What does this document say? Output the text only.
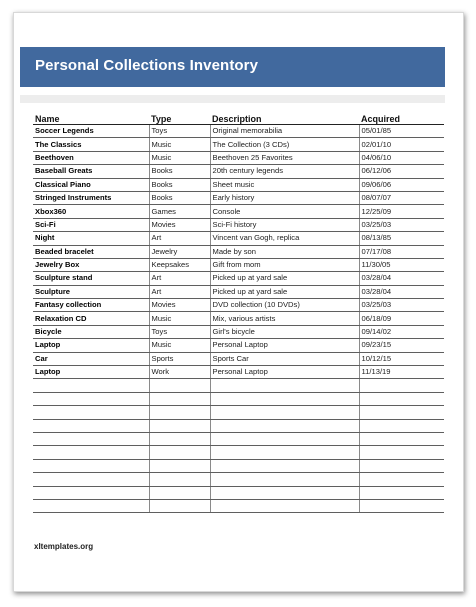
Personal Collections Inventory
Name	Type	Description	Acquired
Soccer Legends	Toys	Original memorabilia	05/01/85
The Classics	Music	The Collection (3 CDs)	02/01/10
Beethoven	Music	Beethoven 25 Favorites	04/06/10
Baseball Greats	Books	20th century legends	06/12/06
Classical Piano	Books	Sheet music	09/06/06
Stringed Instruments	Books	Early history	08/07/07
Xbox360	Games	Console	12/25/09
Sci-Fi	Movies	Sci-Fi history	03/25/03
Night	Art	Vincent van Gogh, replica	08/13/85
Beaded bracelet	Jewelry	Made by son	07/17/08
Jewelry Box	Keepsakes	Gift from mom	11/30/05
Sculpture stand	Art	Picked up at yard sale	03/28/04
Sculpture	Art	Picked up at yard sale	03/28/04
Fantasy collection	Movies	DVD collection (10 DVDs)	03/25/03
Relaxation CD	Music	Mix, various artists	06/18/09
Bicycle	Toys	Girl's bicycle	09/14/02
Laptop	Music	Personal Laptop	09/23/15
Car	Sports	Sports Car	10/12/15
Laptop	Work	Personal Laptop	11/13/19

xltemplates.org
